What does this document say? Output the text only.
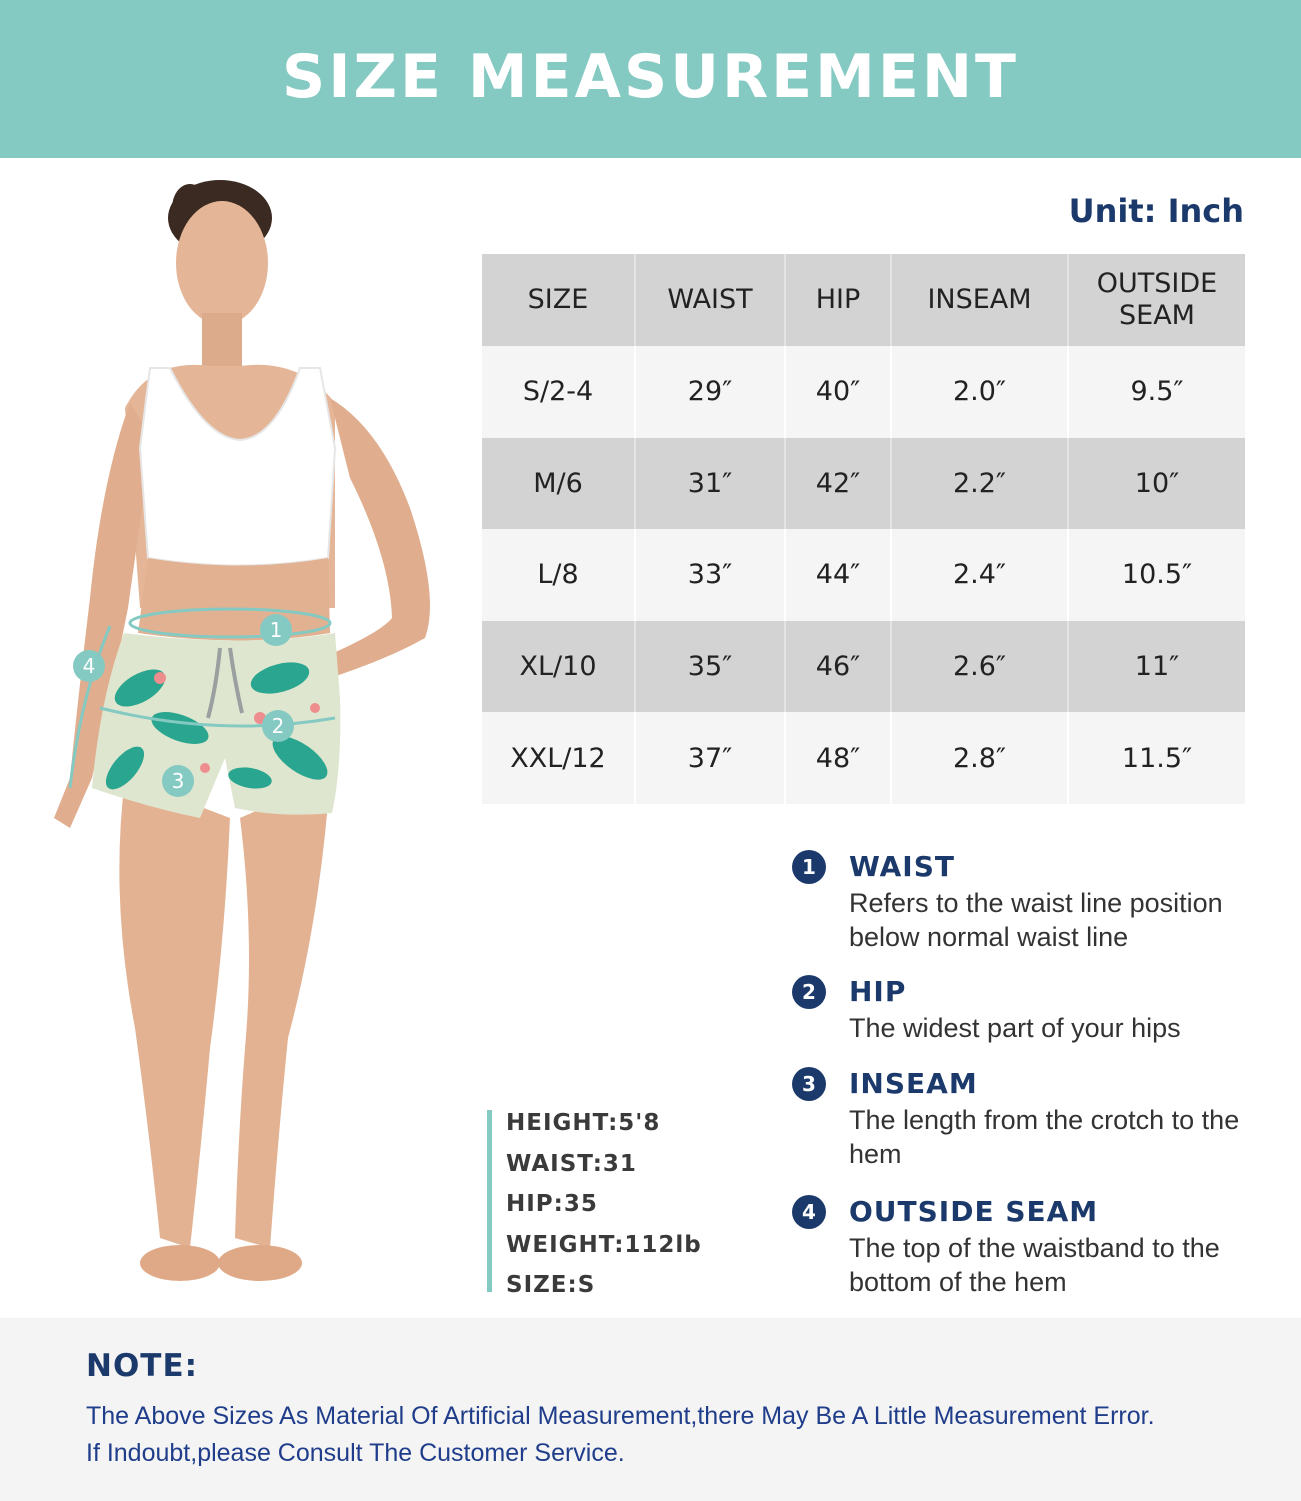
SIZE MEASUREMENT
1
2
3
4
Unit: Inch
SIZE	WAIST	HIP	INSEAM	OUTSIDE SEAM
S/2-4	29″	40″	2.0″	9.5″
M/6	31″	42″	2.2″	10″
L/8	33″	44″	2.4″	10.5″
XL/10	35″	46″	2.6″	11″
XXL/12	37″	48″	2.8″	11.5″
1	WAIST
Refers to the waist line position below normal waist line
2	HIP
The widest part of your hips
3	INSEAM
The length from the crotch to the hem
4	OUTSIDE SEAM
The top of the waistband to the bottom of the hem
HEIGHT:5'8
WAIST:31
HIP:35
WEIGHT:112lb
SIZE:S
NOTE:
The Above Sizes As Material Of Artificial Measurement,there May Be A Little Measurement Error.
If Indoubt,please Consult The Customer Service.
